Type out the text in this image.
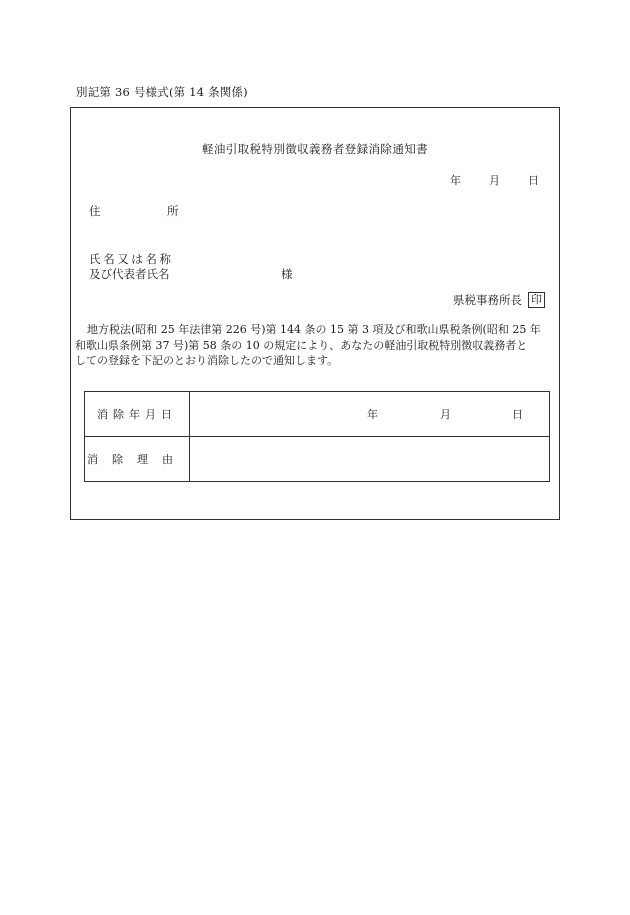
別記第 36 号様式(第 14 条関係)
軽油引取税特別徴収義務者登録消除通知書
年	月	日
住	所
氏名又は名称
及び代表者氏名	様
県税事務所長 印
地方税法(昭和 25 年法律第 226 号)第 144 条の 15 第 3 項及び和歌山県税条例(昭和 25 年
和歌山県条例第 37 号)第 58 条の 10 の規定により、あなたの軽油引取税特別徴収義務者と
しての登録を下記のとおり消除したので通知します。
消除年月日	年 月 日

消除理由	
